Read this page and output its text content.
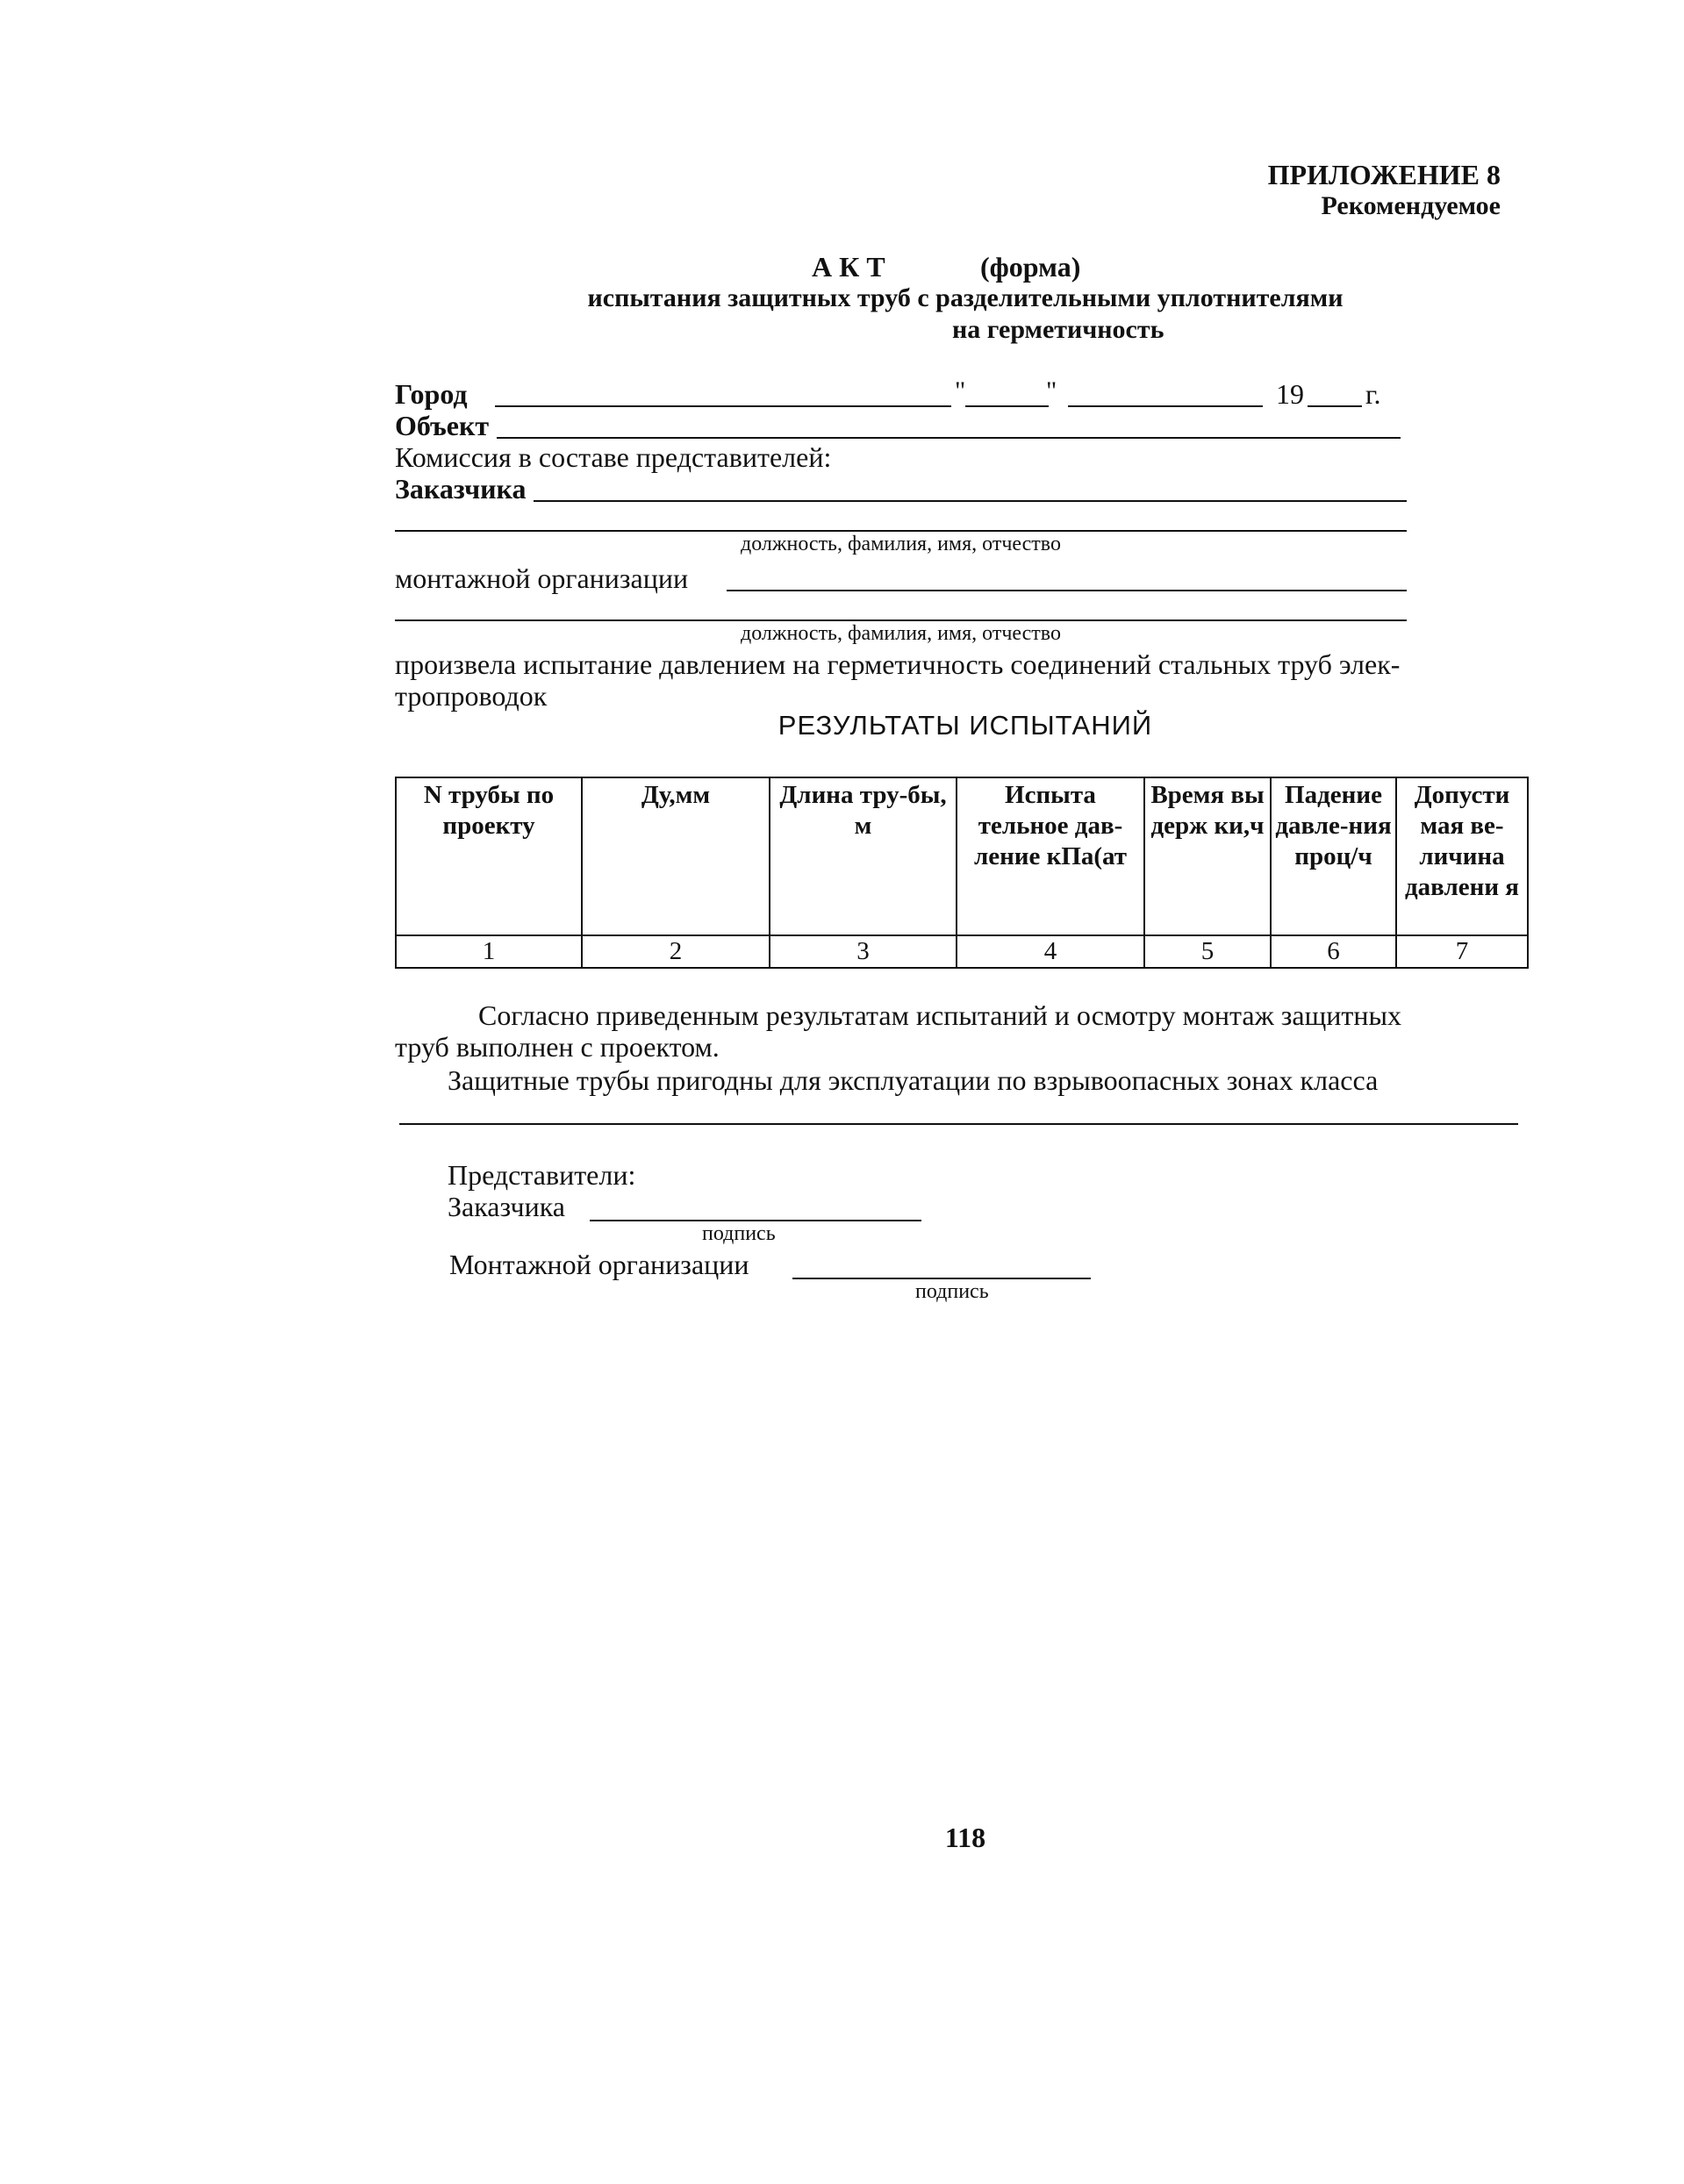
ПРИЛОЖЕНИЕ 8
Рекомендуемое
А К Т	(форма)
испытания защитных труб с разделительными уплотнителями
на герметичность
Город	"	"	19 г.
Объект
Комиссия в составе представителей:
Заказчика
должность, фамилия, имя, отчество
монтажной организации
должность, фамилия, имя, отчество
произвела испытание давлением на герметичность соединений стальных труб элек-
тропроводок
РЕЗУЛЬТАТЫ ИСПЫТАНИЙ
N трубы по проекту	Ду,мм	Длина тру-бы, м	Испыта тельное дав-ление кПа(ат	Время вы держ ки,ч	Падение давле-ния проц/ч	Допусти мая ве-личина давлени я
1	2	3	4	5	6	7
Согласно приведенным результатам испытаний и осмотру монтаж защитных
труб выполнен с проектом.
Защитные трубы пригодны для эксплуатации по взрывоопасных зонах класса
Представители:
Заказчика
подпись
Монтажной организации
подпись
118
